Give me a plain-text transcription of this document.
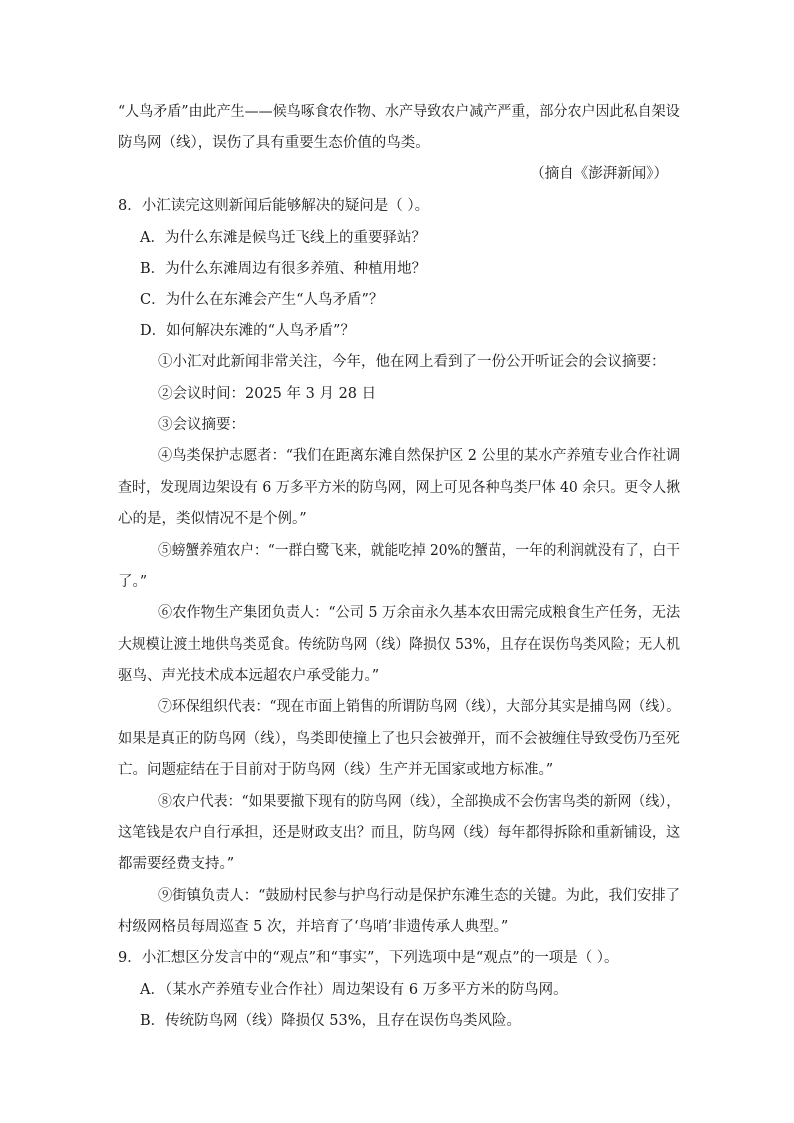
“人鸟矛盾”由此产生——候鸟啄食农作物、水产导致农户减产严重，部分农户因此私自架设
防鸟网（线），误伤了具有重要生态价值的鸟类。
（摘自《澎湃新闻》）
8．小汇读完这则新闻后能够解决的疑问是（ ）。
A．为什么东滩是候鸟迁飞线上的重要驿站？
B．为什么东滩周边有很多养殖、种植用地？
C．为什么在东滩会产生“人鸟矛盾”？
D．如何解决东滩的“人鸟矛盾”？
①小汇对此新闻非常关注，今年，他在网上看到了一份公开听证会的会议摘要：
②会议时间：2025 年 3 月 28 日
③会议摘要：
④鸟类保护志愿者：“我们在距离东滩自然保护区 2 公里的某水产养殖专业合作社调
查时，发现周边架设有 6 万多平方米的防鸟网，网上可见各种鸟类尸体 40 余只。更令人揪
心的是，类似情况不是个例。”
⑤螃蟹养殖农户：“一群白鹭飞来，就能吃掉 20%的蟹苗，一年的利润就没有了，白干
了。”
⑥农作物生产集团负责人：“公司 5 万余亩永久基本农田需完成粮食生产任务，无法
大规模让渡土地供鸟类觅食。传统防鸟网（线）降损仅 53%，且存在误伤鸟类风险；无人机
驱鸟、声光技术成本远超农户承受能力。”
⑦环保组织代表：“现在市面上销售的所谓防鸟网（线），大部分其实是捕鸟网（线）。
如果是真正的防鸟网（线），鸟类即使撞上了也只会被弹开，而不会被缠住导致受伤乃至死
亡。问题症结在于目前对于防鸟网（线）生产并无国家或地方标准。”
⑧农户代表：“如果要撤下现有的防鸟网（线），全部换成不会伤害鸟类的新网（线），
这笔钱是农户自行承担，还是财政支出？而且，防鸟网（线）每年都得拆除和重新铺设，这
都需要经费支持。”
⑨街镇负责人：“鼓励村民参与护鸟行动是保护东滩生态的关键。为此，我们安排了
村级网格员每周巡查 5 次，并培育了‘鸟哨’非遗传承人典型。”
9．小汇想区分发言中的“观点”和“事实”，下列选项中是“观点”的一项是（ ）。
A．（某水产养殖专业合作社）周边架设有 6 万多平方米的防鸟网。
B．传统防鸟网（线）降损仅 53%，且存在误伤鸟类风险。
